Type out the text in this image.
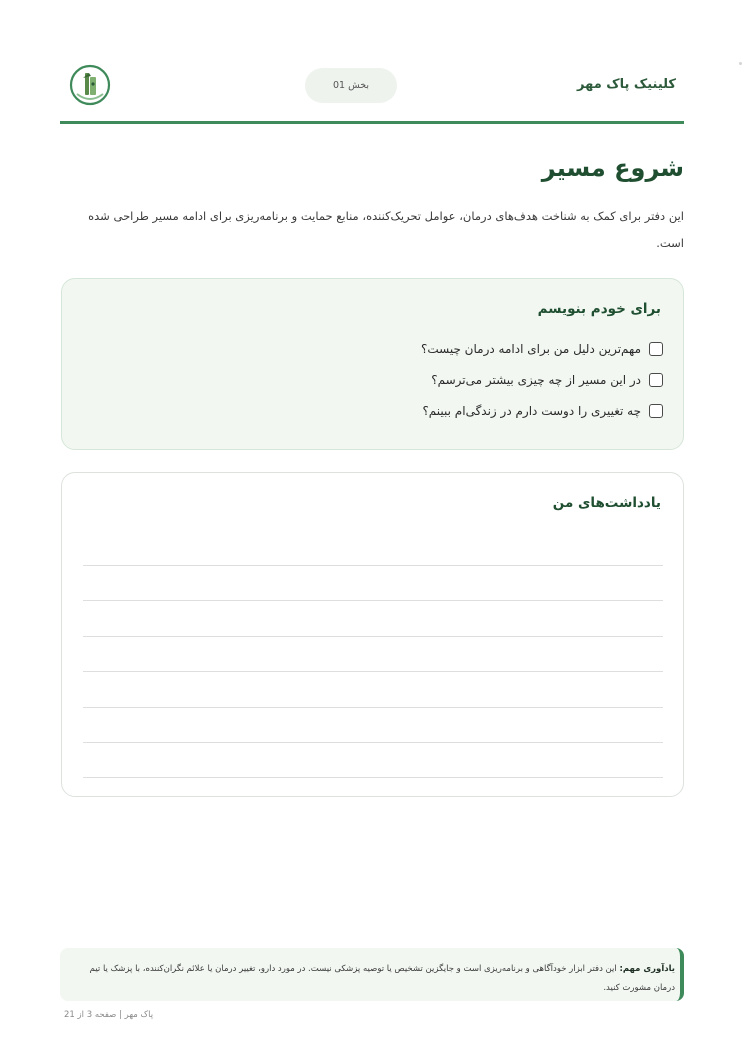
کلینیک پاک مهر
بخش 01
شروع مسیر
این دفتر برای کمک به شناخت هدف‌های درمان، عوامل تحریک‌کننده، منابع حمایت و برنامه‌ریزی برای ادامه مسیر طراحی شده است.
برای خودم بنویسم
مهم‌ترین دلیل من برای ادامه درمان چیست؟
در این مسیر از چه چیزی بیشتر می‌ترسم؟
چه تغییری را دوست دارم در زندگی‌ام ببینم؟
یادداشت‌های من
یادآوری مهم: این دفتر ابزار خودآگاهی و برنامه‌ریزی است و جایگزین تشخیص یا توصیه پزشکی نیست. در مورد دارو، تغییر درمان یا علائم نگران‌کننده، با پزشک یا تیم درمان مشورت کنید.
پاک مهر | صفحه 3 از 21
